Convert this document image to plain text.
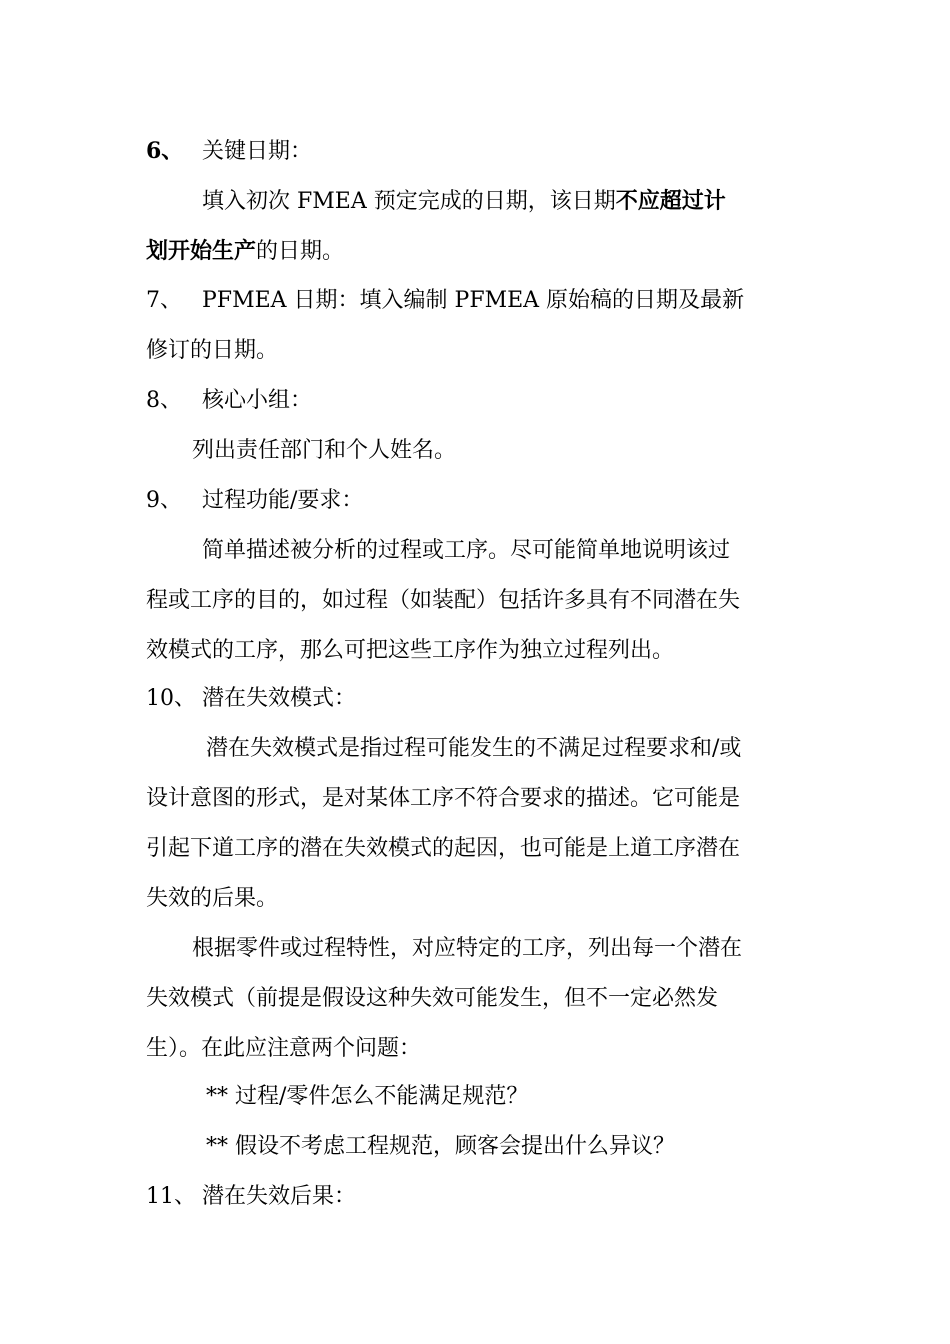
6、 关键日期：
填入初次 FMEA 预定完成的日期，该日期不应超过计
划开始生产的日期。
7、 PFMEA 日期：填入编制 PFMEA 原始稿的日期及最新
修订的日期。
8、 核心小组：
列出责任部门和个人姓名。
9、 过程功能/要求：
简单描述被分析的过程或工序。尽可能简单地说明该过
程或工序的目的，如过程（如装配）包括许多具有不同潜在失
效模式的工序，那么可把这些工序作为独立过程列出。
10、 潜在失效模式：
潜在失效模式是指过程可能发生的不满足过程要求和/或
设计意图的形式，是对某体工序不符合要求的描述。它可能是
引起下道工序的潜在失效模式的起因，也可能是上道工序潜在
失效的后果。
根据零件或过程特性，对应特定的工序，列出每一个潜在
失效模式（前提是假设这种失效可能发生，但不一定必然发
生）。在此应注意两个问题：
** 过程/零件怎么不能满足规范？
** 假设不考虑工程规范，顾客会提出什么异议？
11、 潜在失效后果：
